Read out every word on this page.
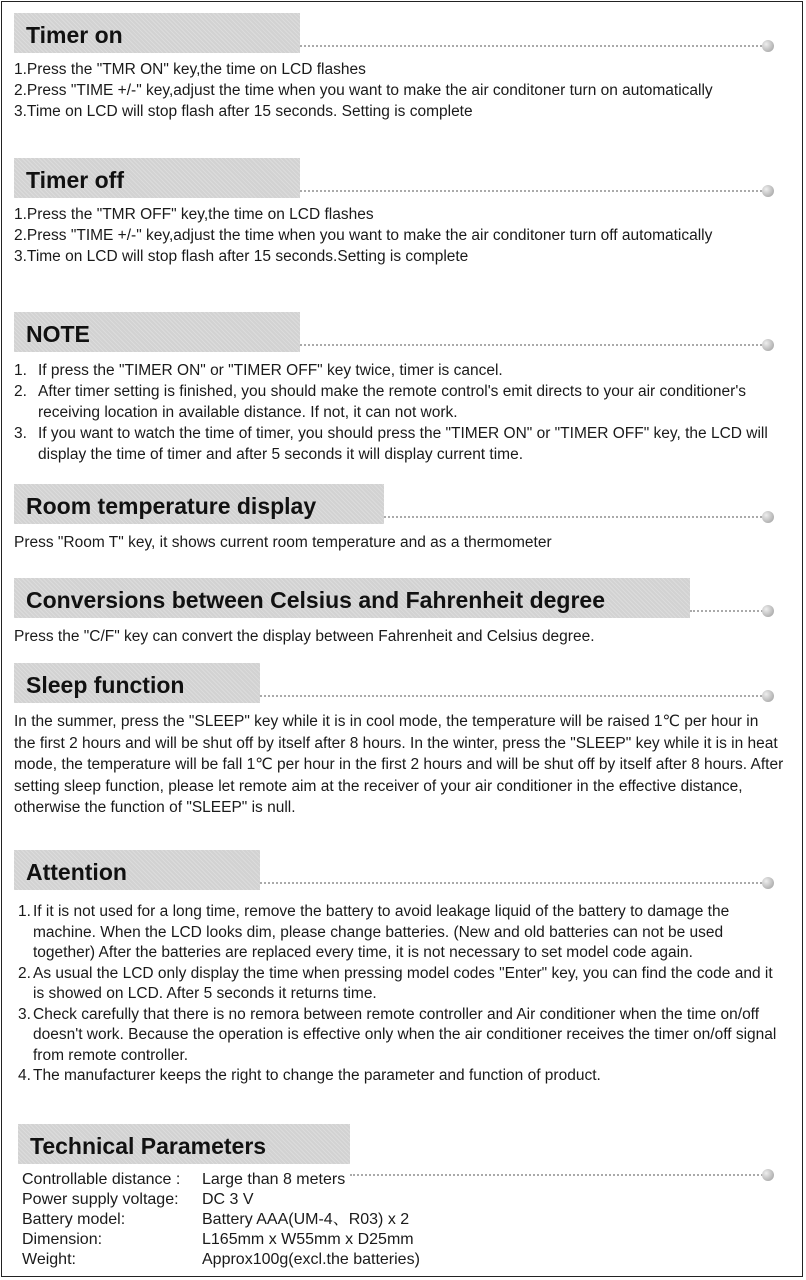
Timer on
1.Press the "TMR ON" key,the time on LCD flashes
2.Press "TIME +/-" key,adjust the time when you want to make the air conditoner turn on automatically
3.Time on LCD will stop flash after 15 seconds. Setting is complete
Timer off
1.Press the "TMR OFF" key,the time on LCD flashes
2.Press "TIME +/-" key,adjust the time when you want to make the air conditoner turn off automatically
3.Time on LCD will stop flash after 15 seconds.Setting is complete
NOTE
1. If press the "TIMER ON" or "TIMER OFF" key twice, timer is cancel.
2. After timer setting is finished, you should make the remote control's emit directs to your air conditioner's receiving location in available distance. If not, it can not work.
3. If you want to watch the time of timer, you should press the "TIMER ON" or "TIMER OFF" key, the LCD will display the time of timer and after 5 seconds it will display current time.
Room temperature display
Press "Room T" key, it shows current room temperature and as a thermometer
Conversions between Celsius and Fahrenheit degree
Press the "C/F" key can convert the display between Fahrenheit and Celsius degree.
Sleep function
In the summer, press the "SLEEP" key while it is in cool mode, the temperature will be raised 1℃ per hour in the first 2 hours and will be shut off by itself after 8 hours. In the winter, press the "SLEEP" key while it is in heat mode, the temperature will be fall 1℃ per hour in the first 2 hours and will be shut off by itself after 8 hours. After setting sleep function, please let remote aim at the receiver of your air conditioner in the effective distance, otherwise the function of "SLEEP" is null.
Attention
1. If it is not used for a long time, remove the battery to avoid leakage liquid of the battery to damage the machine. When the LCD looks dim, please change batteries. (New and old batteries can not be used together) After the batteries are replaced every time, it is not necessary to set model code again.
2. As usual the LCD only display the time when pressing model codes "Enter" key, you can find the code and it is showed on LCD. After 5 seconds it returns time.
3. Check carefully that there is no remora between remote controller and Air conditioner when the time on/off doesn't work. Because the operation is effective only when the air conditioner receives the timer on/off signal from remote controller.
4. The manufacturer keeps the right to change the parameter and function of product.
Technical Parameters
Controllable distance :	Large than 8 meters
Power supply voltage:	DC 3 V
Battery model:	Battery AAA(UM-4、R03) x 2
Dimension:	L165mm x W55mm x D25mm
Weight:	Approx100g(excl.the batteries)
